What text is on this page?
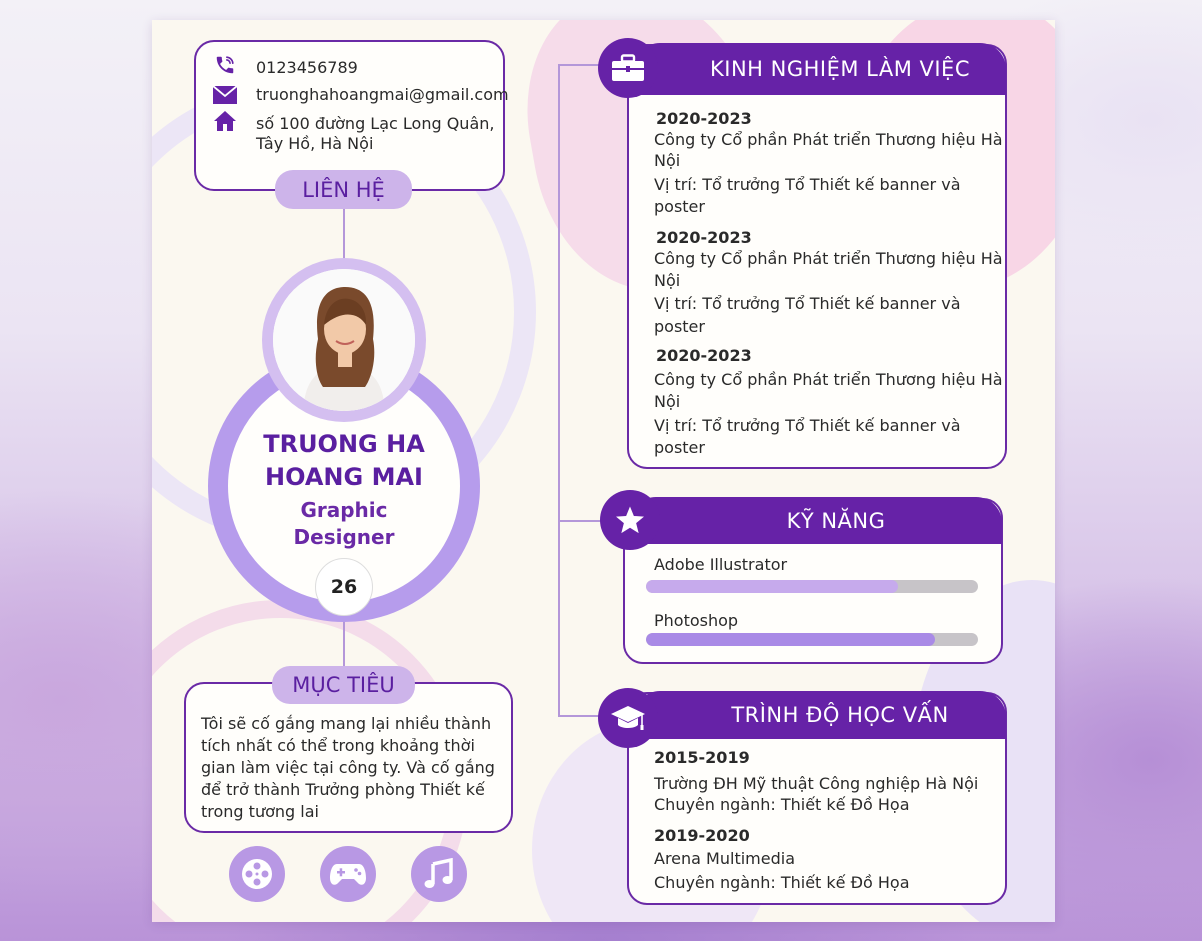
0123456789
truonghahoangmai@gmail.com
số 100 đường Lạc Long Quân,
Tây Hồ, Hà Nội
LIÊN HỆ
TRUONG HA
HOANG MAI
Graphic
Designer
26
MỤC TIÊU
Tôi sẽ cố gắng mang lại nhiều thành
tích nhất có thể trong khoảng thời
gian làm việc tại công ty. Và cố gắng
để trở thành Trưởng phòng Thiết kế
trong tương lai
KINH NGHIỆM LÀM VIỆC
2020-2023
Công ty Cổ phần Phát triển Thương hiệu Hà
Nội
Vị trí: Tổ trưởng Tổ Thiết kế banner và
poster
2020-2023
Công ty Cổ phần Phát triển Thương hiệu Hà
Nội
Vị trí: Tổ trưởng Tổ Thiết kế banner và
poster
2020-2023
Công ty Cổ phần Phát triển Thương hiệu Hà
Nội
Vị trí: Tổ trưởng Tổ Thiết kế banner và
poster
KỸ NĂNG
Adobe Illustrator
Photoshop
TRÌNH ĐỘ HỌC VẤN
2015-2019
Trường ĐH Mỹ thuật Công nghiệp Hà Nội
Chuyên ngành: Thiết kế Đồ Họa
2019-2020
Arena Multimedia
Chuyên ngành: Thiết kế Đồ Họa
